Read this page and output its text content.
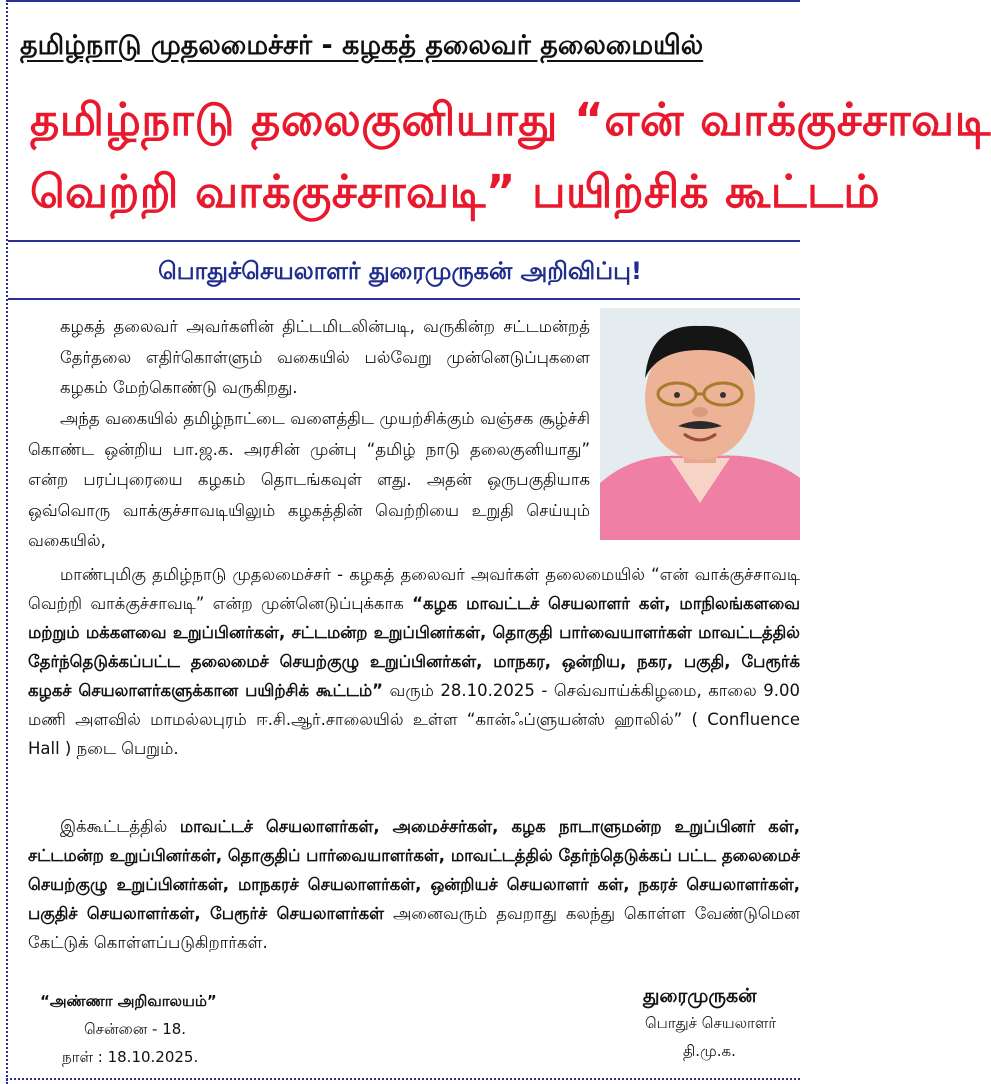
தமிழ்நாடு முதலமைச்சர் - கழகத் தலைவர் தலைமையில்
தமிழ்நாடு தலைகுனியாது “என் வாக்குச்சாவடி
வெற்றி வாக்குச்சாவடி” பயிற்சிக் கூட்டம்
பொதுச்செயலாளர் துரைமுருகன் அறிவிப்பு!
கழகத் தலைவர் அவர்களின் திட்டமிடலின்படி, வருகின்ற சட்டமன்றத் தேர்தலை எதிர்கொள்ளும் வகையில் பல்வேறு முன்னெடுப்புகளை கழகம் மேற்கொண்டு வருகிறது.
அந்த வகையில் தமிழ்நாட்டை வளைத்திட முயற்சிக்கும் வஞ்சக சூழ்ச்சி கொண்ட ஒன்றிய பா.ஜ.க. அரசின் முன்பு “தமிழ் நாடு தலைகுனியாது” என்ற பரப்புரையை கழகம் தொடங்கவுள் ளது. அதன் ஒருபகுதியாக ஒவ்வொரு வாக்குச்சாவடியிலும் கழகத்தின் வெற்றியை உறுதி செய்யும் வகையில்,
மாண்புமிகு தமிழ்நாடு முதலமைச்சர் - கழகத் தலைவர் அவர்கள் தலைமையில் “என் வாக்குச்சாவடி வெற்றி வாக்குச்சாவடி” என்ற முன்னெடுப்புக்காக “கழக மாவட்டச் செயலாளர் கள், மாநிலங்களவை மற்றும் மக்களவை உறுப்பினர்கள், சட்டமன்ற உறுப்பினர்கள், தொகுதி பார்வையாளர்கள் மாவட்டத்தில் தேர்ந்தெடுக்கப்பட்ட தலைமைச் செயற்குழு உறுப்பினர்கள், மாநகர, ஒன்றிய, நகர, பகுதி, பேரூர்க் கழகச் செயலாளர்களுக்கான பயிற்சிக் கூட்டம்” வரும் 28.10.2025 - செவ்வாய்க்கிழமை, காலை 9.00 மணி அளவில் மாமல்லபுரம் ஈ.சி.ஆர்.சாலையில் உள்ள “கான்ஃப்ளுயன்ஸ் ஹாலில்” ( Confluence Hall ) நடை பெறும்.
இக்கூட்டத்தில் மாவட்டச் செயலாளர்கள், அமைச்சர்கள், கழக நாடாளுமன்ற உறுப்பினர் கள், சட்டமன்ற உறுப்பினர்கள், தொகுதிப் பார்வையாளர்கள், மாவட்டத்தில் தேர்ந்தெடுக்கப் பட்ட தலைமைச் செயற்குழு உறுப்பினர்கள், மாநகரச் செயலாளர்கள், ஒன்றியச் செயலாளர் கள், நகரச் செயலாளர்கள், பகுதிச் செயலாளர்கள், பேரூர்ச் செயலாளர்கள் அனைவரும் தவறாது கலந்து கொள்ள வேண்டுமென கேட்டுக் கொள்ளப்படுகிறார்கள்.
“அண்ணா அறிவாலயம்”
சென்னை - 18.
நாள் : 18.10.2025.
துரைமுருகன்
பொதுச் செயலாளர்
தி.மு.க.
